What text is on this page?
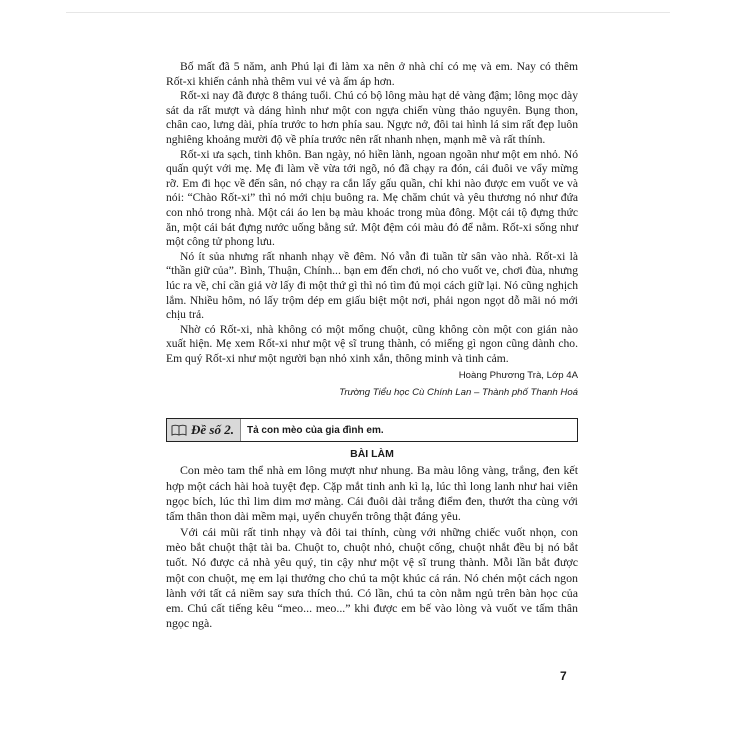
Bố mất đã 5 năm, anh Phú lại đi làm xa nên ở nhà chỉ có mẹ và em. Nay có thêm Rốt-xi khiến cảnh nhà thêm vui vẻ và ấm áp hơn.

Rốt-xi nay đã được 8 tháng tuổi. Chú có bộ lông màu hạt dẻ vàng đậm; lông mọc dày sát da rất mượt và dáng hình như một con ngựa chiến vùng thảo nguyên. Bụng thon, chân cao, lưng dài, phía trước to hơn phía sau. Ngực nở, đôi tai hình lá sim rất đẹp luôn nghiêng khoảng mười độ về phía trước nên rất nhanh nhẹn, mạnh mẽ và rất thính.

Rốt-xi ưa sạch, tinh khôn. Ban ngày, nó hiền lành, ngoan ngoãn như một em nhỏ. Nó quấn quýt với mẹ. Mẹ đi làm về vừa tới ngõ, nó đã chạy ra đón, cái đuôi ve vẩy mừng rỡ. Em đi học về đến sân, nó chạy ra cắn lấy gấu quần, chỉ khi nào được em vuốt ve và nói: “Chào Rốt-xi” thì nó mới chịu buông ra. Mẹ chăm chút và yêu thương nó như đứa con nhỏ trong nhà. Một cái áo len bạ màu khoác trong mùa đông. Một cái tộ đựng thức ăn, một cái bát đựng nước uống bằng sứ. Một đệm cói màu đỏ để nằm. Rốt-xi sống như một công tử phong lưu.

Nó ít sủa nhưng rất nhanh nhạy về đêm. Nó vẫn đi tuần từ sân vào nhà. Rốt-xi là “thần giữ của”. Bình, Thuận, Chính... bạn em đến chơi, nó cho vuốt ve, chơi đùa, nhưng lúc ra về, chỉ cần giả vờ lấy đi một thứ gì thì nó tìm đủ mọi cách giữ lại. Nó cũng nghịch lắm. Nhiều hôm, nó lấy trộm dép em giấu biệt một nơi, phải ngon ngọt dỗ mãi nó mới chịu trả.

Nhờ có Rốt-xi, nhà không có một mống chuột, cũng không còn một con gián nào xuất hiện. Mẹ xem Rốt-xi như một vệ sĩ trung thành, có miếng gì ngon cũng dành cho. Em quý Rốt-xi như một người bạn nhỏ xinh xắn, thông minh và tinh cảm.

Hoàng Phương Trà, Lớp 4A
Trường Tiểu học Cù Chính Lan – Thành phố Thanh Hoá
Đề số 2.	Tả con mèo của gia đình em.
BÀI LÀM

Con mèo tam thể nhà em lông mượt như nhung. Ba màu lông vàng, trắng, đen kết hợp một cách hài hoà tuyệt đẹp. Cặp mắt tinh anh kì lạ, lúc thì long lanh như hai viên ngọc bích, lúc thì lim dim mơ màng. Cái đuôi dài trắng điểm đen, thướt tha cùng với tấm thân thon dài mềm mại, uyển chuyển trông thật đáng yêu.

Với cái mũi rất tinh nhạy và đôi tai thính, cùng với những chiếc vuốt nhọn, con mèo bắt chuột thật tài ba. Chuột to, chuột nhỏ, chuột cống, chuột nhắt đều bị nó bắt tuốt. Nó được cả nhà yêu quý, tin cậy như một vệ sĩ trung thành. Mỗi lần bắt được một con chuột, mẹ em lại thưởng cho chú ta một khúc cá rán. Nó chén một cách ngon lành với tất cả niềm say sưa thích thú. Có lần, chú ta còn nằm ngủ trên bàn học của em. Chú cất tiếng kêu “meo... meo...” khi được em bế vào lòng và vuốt ve tấm thân ngọc ngà.

7
